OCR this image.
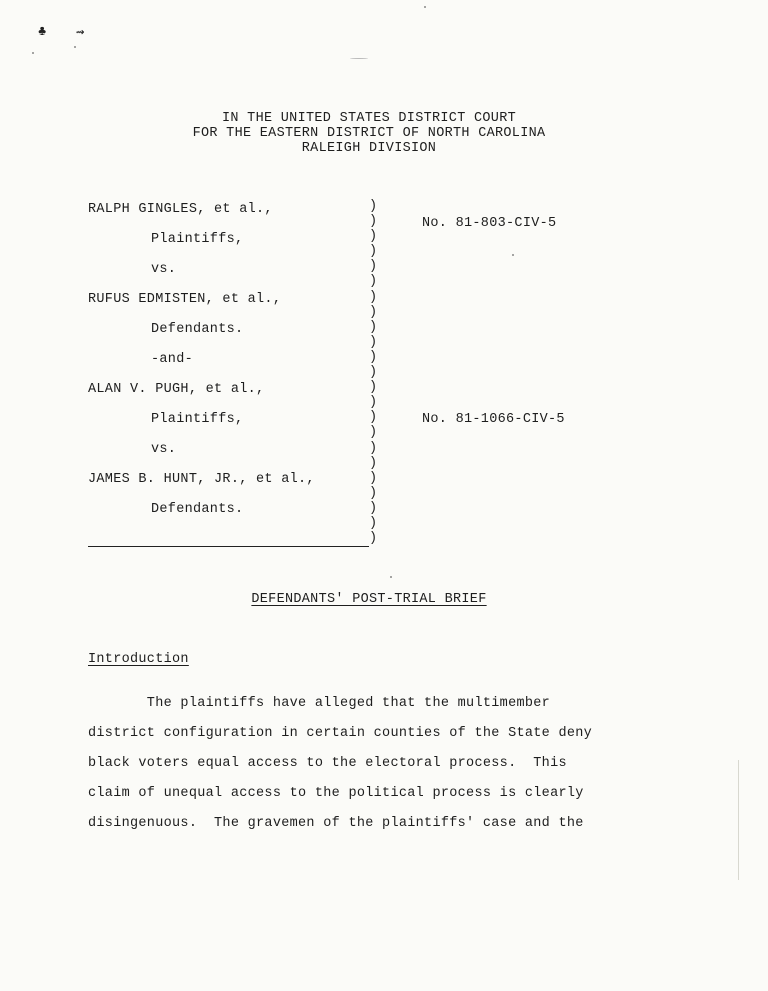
♣ ⇝
IN THE UNITED STATES DISTRICT COURT
FOR THE EASTERN DISTRICT OF NORTH CAROLINA
RALEIGH DIVISION
RALPH GINGLES, et al.,
Plaintiffs,
vs.
RUFUS EDMISTEN, et al.,
Defendants.
-and-
ALAN V. PUGH, et al.,
Plaintiffs,
vs.
JAMES B. HUNT, JR., et al.,
Defendants.
)
)
)
)
)
)
)
)
)
)
)
)
)
)
)
)
)
)
)
)
)
)
)
No. 81-803-CIV-5
No. 81-1066-CIV-5
DEFENDANTS' POST-TRIAL BRIEF
Introduction
The plaintiffs have alleged that the multimember
district configuration in certain counties of the State deny
black voters equal access to the electoral process.  This
claim of unequal access to the political process is clearly
disingenuous.  The gravemen of the plaintiffs' case and the
